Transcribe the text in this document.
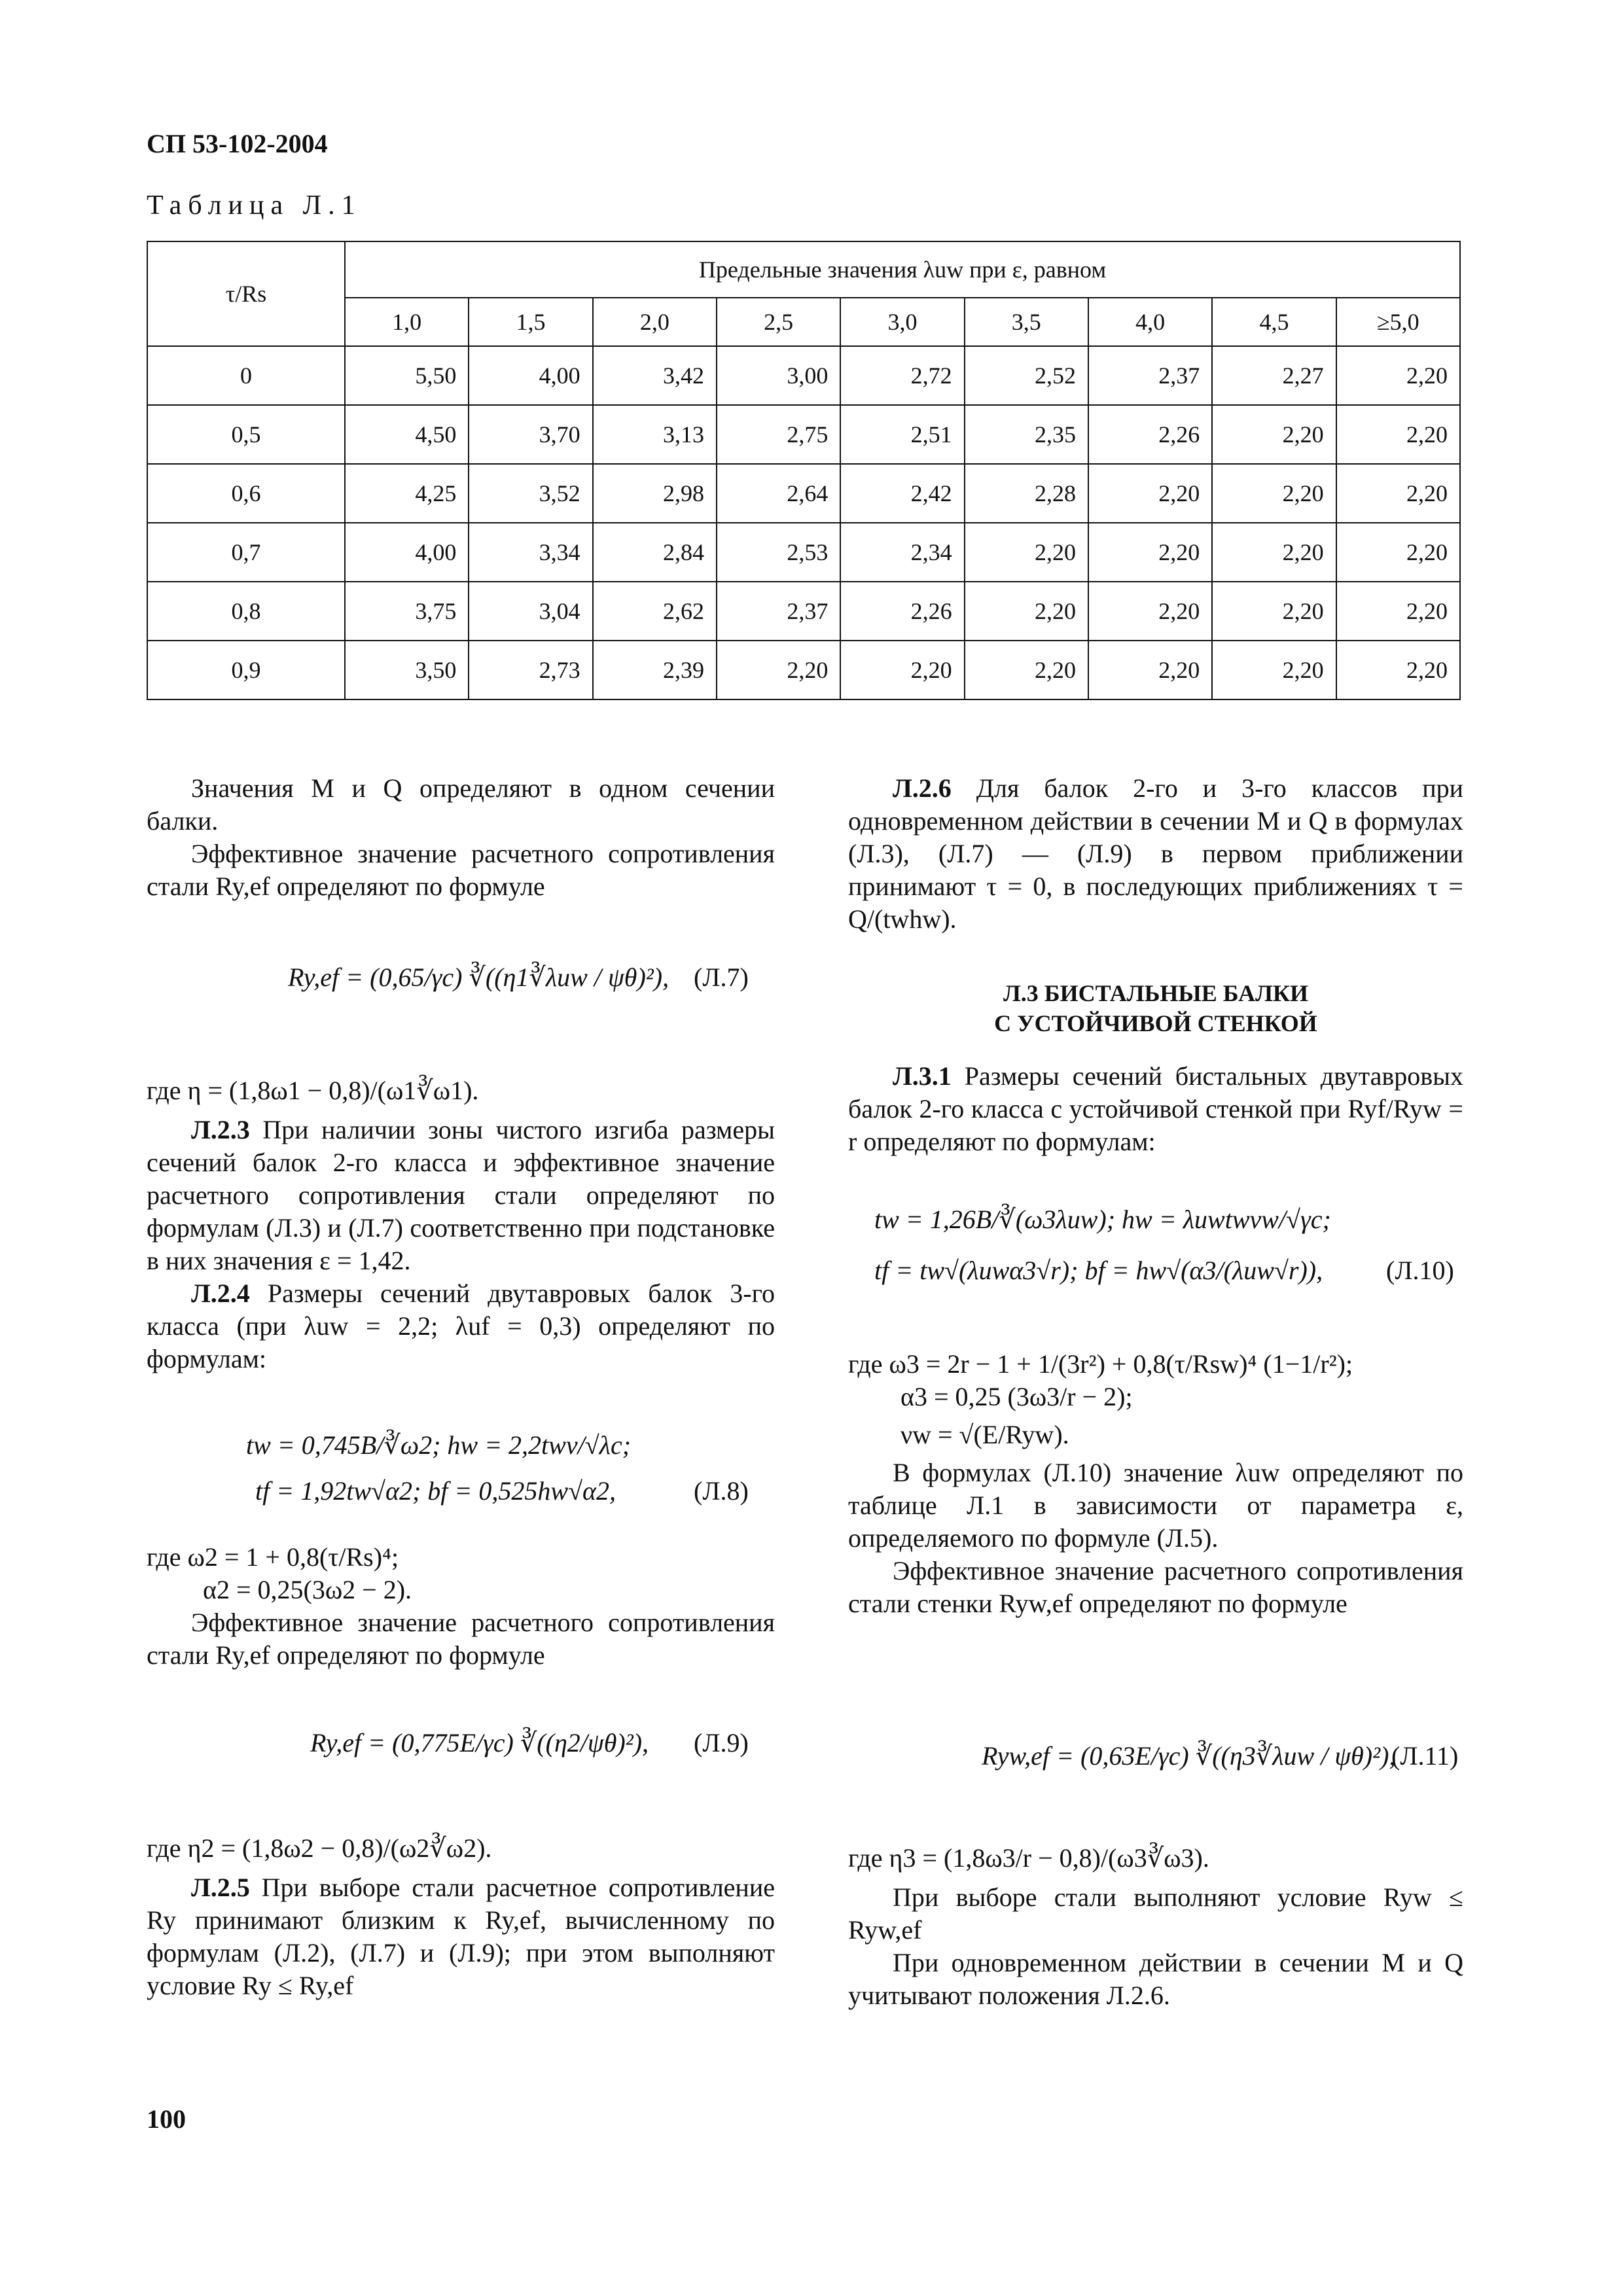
СП 53-102-2004
Таблица Л.1
τ/Rs	Предельные значения λuw при ε, равном								
	1,0	1,5	2,0	2,5	3,0	3,5	4,0	4,5	≥5,0
0	5,50	4,00	3,42	3,00	2,72	2,52	2,37	2,27	2,20
0,5	4,50	3,70	3,13	2,75	2,51	2,35	2,26	2,20	2,20
0,6	4,25	3,52	2,98	2,64	2,42	2,28	2,20	2,20	2,20
0,7	4,00	3,34	2,84	2,53	2,34	2,20	2,20	2,20	2,20
0,8	3,75	3,04	2,62	2,37	2,26	2,20	2,20	2,20	2,20
0,9	3,50	2,73	2,39	2,20	2,20	2,20	2,20	2,20	2,20

Значения M и Q определяют в одном сечении балки.

Эффективное значение расчетного сопротивления стали Ry,ef определяют по формуле

Ry,ef = (0,65/γc) ∛((η1∛λuw / ψθ)²), (Л.7)

где η = (1,8ω1 − 0,8)/(ω1∛ω1).

Л.2.3 При наличии зоны чистого изгиба размеры сечений балок 2-го класса и эффективное значение расчетного сопротивления стали определяют по формулам (Л.3) и (Л.7) соответственно при подстановке в них значения ε = 1,42.

Л.2.4 Размеры сечений двутавровых балок 3-го класса (при λuw = 2,2; λuf = 0,3) определяют по формулам:

tw = 0,745B/∛ω2; hw = 2,2twν/√λc;
tf = 1,92tw√α2; bf = 0,525hw√α2,	(Л.8)

где ω2 = 1 + 0,8(τ/Rs)⁴;

α2 = 0,25(3ω2 − 2).

Эффективное значение расчетного сопротивления стали Ry,ef определяют по формуле

Ry,ef = (0,775E/γc) ∛((η2/ψθ)²), (Л.9)

где η2 = (1,8ω2 − 0,8)/(ω2∛ω2).

Л.2.5 При выборе стали расчетное сопротивление Ry принимают близким к Ry,ef, вычисленному по формулам (Л.2), (Л.7) и (Л.9); при этом выполняют условие Ry ≤ Ry,ef

Л.2.6 Для балок 2-го и 3-го классов при одновременном действии в сечении M и Q в формулах (Л.3), (Л.7) — (Л.9) в первом приближении принимают τ = 0, в последующих приближениях τ = Q/(twhw).

Л.3 БИСТАЛЬНЫЕ БАЛКИ
С УСТОЙЧИВОЙ СТЕНКОЙ

Л.3.1 Размеры сечений бистальных двутавровых балок 2-го класса с устойчивой стенкой при Ryf/Ryw = r определяют по формулам:

tw = 1,26B/∛(ω3λuw); hw = λuwtwνw/√γc;
tf = tw√(λuwα3√r); bf = hw√(α3/(λuw√r)), (Л.10)

где ω3 = 2r − 1 + 1/(3r²) + 0,8(τ/Rsw)⁴ (1−1/r²);

α3 = 0,25 (3ω3/r − 2);

νw = √(E/Ryw).

В формулах (Л.10) значение λuw определяют по таблице Л.1 в зависимости от параметра ε, определяемого по формуле (Л.5).

Эффективное значение расчетного сопротивления стали стенки Ryw,ef определяют по формуле

Ryw,ef = (0,63E/γc) ∛((η3∛λuw / ψθ)²),
(Л.11)

где η3 = (1,8ω3/r − 0,8)/(ω3∛ω3).

При выборе стали выполняют условие Ryw ≤ Ryw,ef

При одновременном действии в сечении M и Q учитывают положения Л.2.6.

100
